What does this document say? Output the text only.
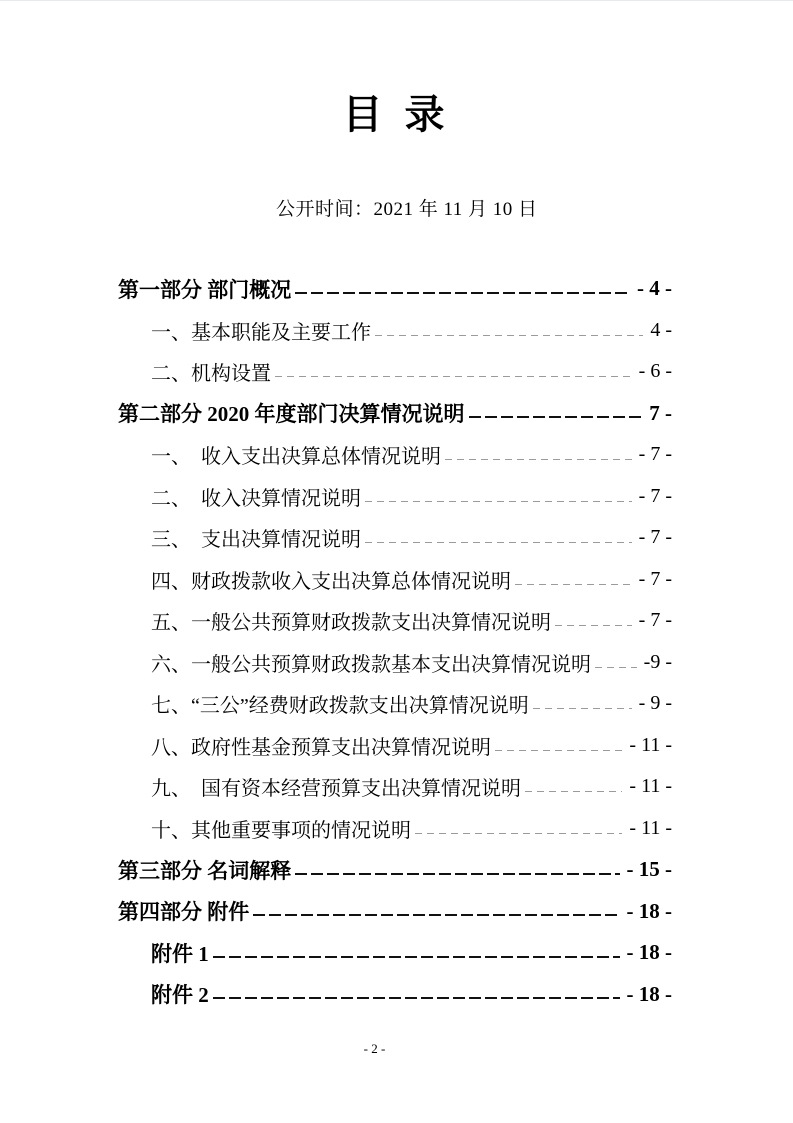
目 录
公开时间：2021 年 11 月 10 日
第一部分 部门概况	- 4 -
一、基本职能及主要工作	4 -
二、机构设置	- 6 -
第二部分 2020 年度部门决算情况说明	7 -
一、　收入支出决算总体情况说明	- 7 -
二、　收入决算情况说明	- 7 -
三、　支出决算情况说明	- 7 -
四、财政拨款收入支出决算总体情况说明	- 7 -
五、一般公共预算财政拨款支出决算情况说明	- 7 -
六、一般公共预算财政拨款基本支出决算情况说明	-9 -
七、“三公”经费财政拨款支出决算情况说明	- 9 -
八、政府性基金预算支出决算情况说明	- 11 -
九、　国有资本经营预算支出决算情况说明	- 11 -
十、其他重要事项的情况说明	- 11 -
第三部分 名词解释	- 15 -
第四部分 附件	- 18 -
附件 1	- 18 -
附件 2	- 18 -
- 2 -
